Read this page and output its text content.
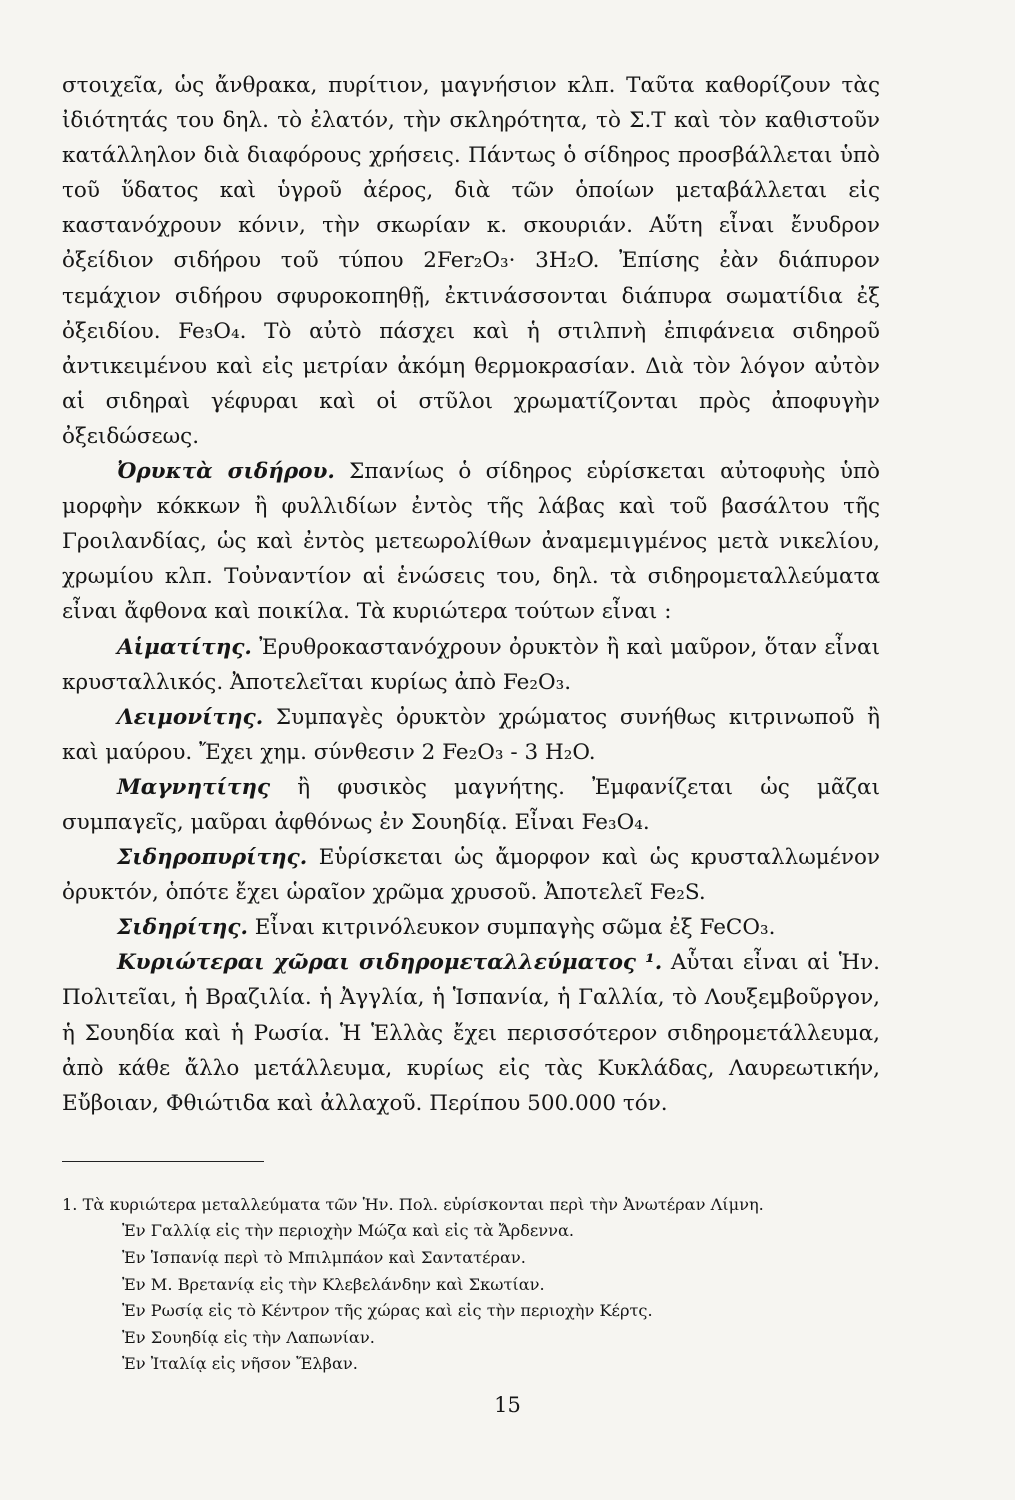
στοιχεῖα, ὡς ἄνθρακα, πυρίτιον, μαγνήσιον κλπ. Ταῦτα καθορίζουν τὰς ἰδιότητάς του δηλ. τὸ ἐλατόν, τὴν σκληρότητα, τὸ Σ.Τ καὶ τὸν καθιστοῦν κατάλληλον διὰ διαφόρους χρήσεις. Πάντως ὁ σίδηρος προσβάλλεται ὑπὸ τοῦ ὕδατος καὶ ὑγροῦ ἀέρος, διὰ τῶν ὁποίων μεταβάλλεται εἰς καστανόχρουν κόνιν, τὴν σκωρίαν κ. σκουριάν. Αὕτη εἶναι ἔνυδρον ὀξείδιον σιδήρου τοῦ τύπου 2Fer₂O₃· 3H₂O. Ἐπίσης ἐὰν διάπυρον τεμάχιον σιδήρου σφυροκοπηθῇ, ἐκτινάσσονται διάπυρα σωματίδια ἐξ ὀξειδίου. Fe₃O₄. Τὸ αὐτὸ πάσχει καὶ ἡ στιλπνὴ ἐπιφάνεια σιδηροῦ ἀντικειμένου καὶ εἰς μετρίαν ἀκόμη θερμοκρασίαν. Διὰ τὸν λόγον αὐτὸν αἱ σιδηραὶ γέφυραι καὶ οἱ στῦλοι χρωματίζονται πρὸς ἀποφυγὴν ὀξειδώσεως.

Ὀρυκτὰ σιδήρου. Σπανίως ὁ σίδηρος εὑρίσκεται αὐτοφυὴς ὑπὸ μορφὴν κόκκων ἢ φυλλιδίων ἐντὸς τῆς λάβας καὶ τοῦ βασάλτου τῆς Γροιλανδίας, ὡς καὶ ἐντὸς μετεωρολίθων ἀναμεμιγμένος μετὰ νικελίου, χρωμίου κλπ. Τοὐναντίον αἱ ἑνώσεις του, δηλ. τὰ σιδηρομεταλλεύματα εἶναι ἄφθονα καὶ ποικίλα. Τὰ κυριώτερα τούτων εἶναι :

Αἱματίτης. Ἐρυθροκαστανόχρουν ὀρυκτὸν ἢ καὶ μαῦρον, ὅταν εἶναι κρυσταλλικός. Ἀποτελεῖται κυρίως ἀπὸ Fe₂O₃.

Λειμονίτης. Συμπαγὲς ὀρυκτὸν χρώματος συνήθως κιτρινωποῦ ἢ καὶ μαύρου. Ἔχει χημ. σύνθεσιν 2 Fe₂O₃ - 3 H₂O.

Μαγνητίτης ἢ φυσικὸς μαγνήτης. Ἐμφανίζεται ὡς μᾶζαι συμπαγεῖς, μαῦραι ἀφθόνως ἐν Σουηδίᾳ. Εἶναι Fe₃O₄.

Σιδηροπυρίτης. Εὑρίσκεται ὡς ἄμορφον καὶ ὡς κρυσταλλωμένον ὀρυκτόν, ὁπότε ἔχει ὡραῖον χρῶμα χρυσοῦ. Ἀποτελεῖ Fe₂S.

Σιδηρίτης. Εἶναι κιτρινόλευκον συμπαγὴς σῶμα ἐξ FeCO₃.

Κυριώτεραι χῶραι σιδηρομεταλλεύματος ¹. Αὗται εἶναι αἱ Ἡν. Πολιτεῖαι, ἡ Βραζιλία. ἡ Ἀγγλία, ἡ Ἱσπανία, ἡ Γαλλία, τὸ Λουξεμβοῦργον, ἡ Σουηδία καὶ ἡ Ρωσία. Ἡ Ἑλλὰς ἔχει περισσότερον σιδηρομετάλλευμα, ἀπὸ κάθε ἄλλο μετάλλευμα, κυρίως εἰς τὰς Κυκλάδας, Λαυρεωτικήν, Εὔβοιαν, Φθιώτιδα καὶ ἀλλαχοῦ. Περίπου 500.000 τόν.

1. Τὰ κυριώτερα μεταλλεύματα τῶν Ἡν. Πολ. εὑρίσκονται περὶ τὴν Ἀνωτέραν Λίμνη.

Ἐν Γαλλίᾳ εἰς τὴν περιοχὴν Μώζα καὶ εἰς τὰ Ἄρδεννα.

Ἐν Ἱσπανίᾳ περὶ τὸ Μπιλμπάον καὶ Σαντατέραν.

Ἐν Μ. Βρετανίᾳ εἰς τὴν Κλεβελάνδην καὶ Σκωτίαν.

Ἐν Ρωσίᾳ εἰς τὸ Κέντρον τῆς χώρας καὶ εἰς τὴν περιοχὴν Κέρτς.

Ἐν Σουηδίᾳ εἰς τὴν Λαπωνίαν.

Ἐν Ἰταλίᾳ εἰς νῆσον Ἔλβαν.

15
